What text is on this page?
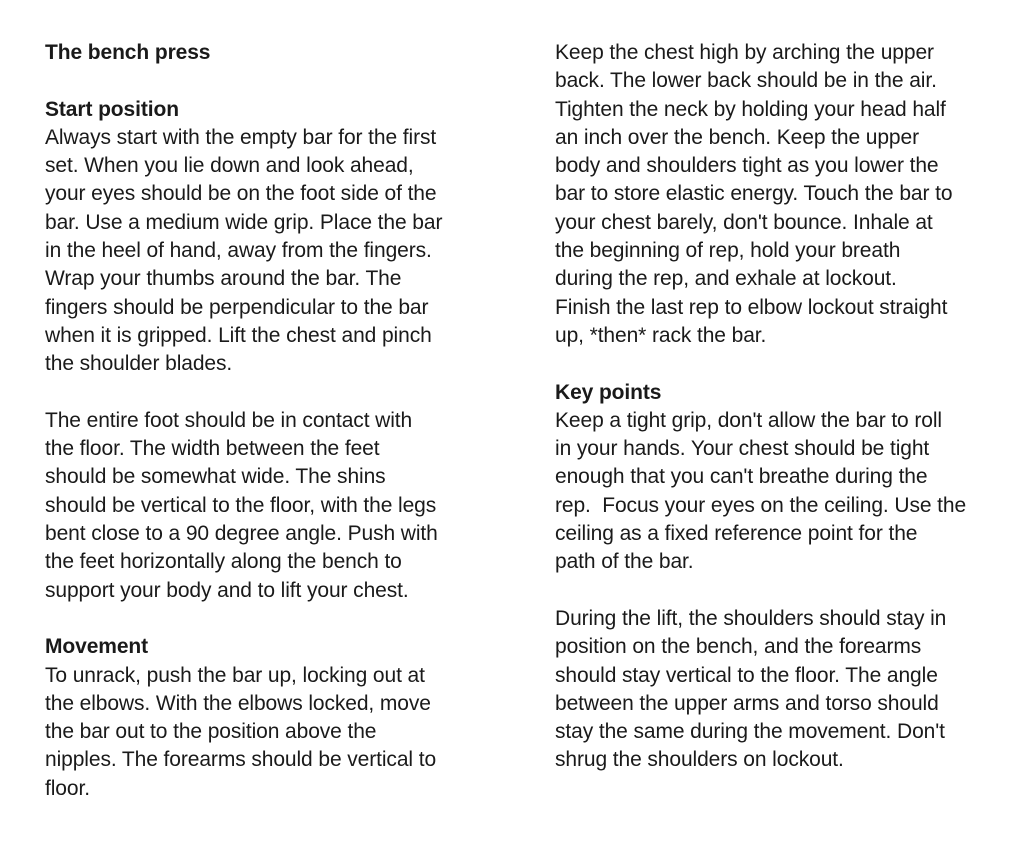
The bench press
Start position
Always start with the empty bar for the first
set. When you lie down and look ahead,
your eyes should be on the foot side of the
bar. Use a medium wide grip. Place the bar
in the heel of hand, away from the fingers.
Wrap your thumbs around the bar. The
fingers should be perpendicular to the bar
when it is gripped. Lift the chest and pinch
the shoulder blades.
The entire foot should be in contact with
the floor. The width between the feet
should be somewhat wide. The shins
should be vertical to the floor, with the legs
bent close to a 90 degree angle. Push with
the feet horizontally along the bench to
support your body and to lift your chest.
Movement
To unrack, push the bar up, locking out at
the elbows. With the elbows locked, move
the bar out to the position above the
nipples. The forearms should be vertical to
floor.
Keep the chest high by arching the upper
back. The lower back should be in the air.
Tighten the neck by holding your head half
an inch over the bench. Keep the upper
body and shoulders tight as you lower the
bar to store elastic energy. Touch the bar to
your chest barely, don't bounce. Inhale at
the beginning of rep, hold your breath
during the rep, and exhale at lockout.
Finish the last rep to elbow lockout straight
up, *then* rack the bar.
Key points
Keep a tight grip, don't allow the bar to roll
in your hands. Your chest should be tight
enough that you can't breathe during the
rep.  Focus your eyes on the ceiling. Use the
ceiling as a fixed reference point for the
path of the bar.
During the lift, the shoulders should stay in
position on the bench, and the forearms
should stay vertical to the floor. The angle
between the upper arms and torso should
stay the same during the movement. Don't
shrug the shoulders on lockout.
